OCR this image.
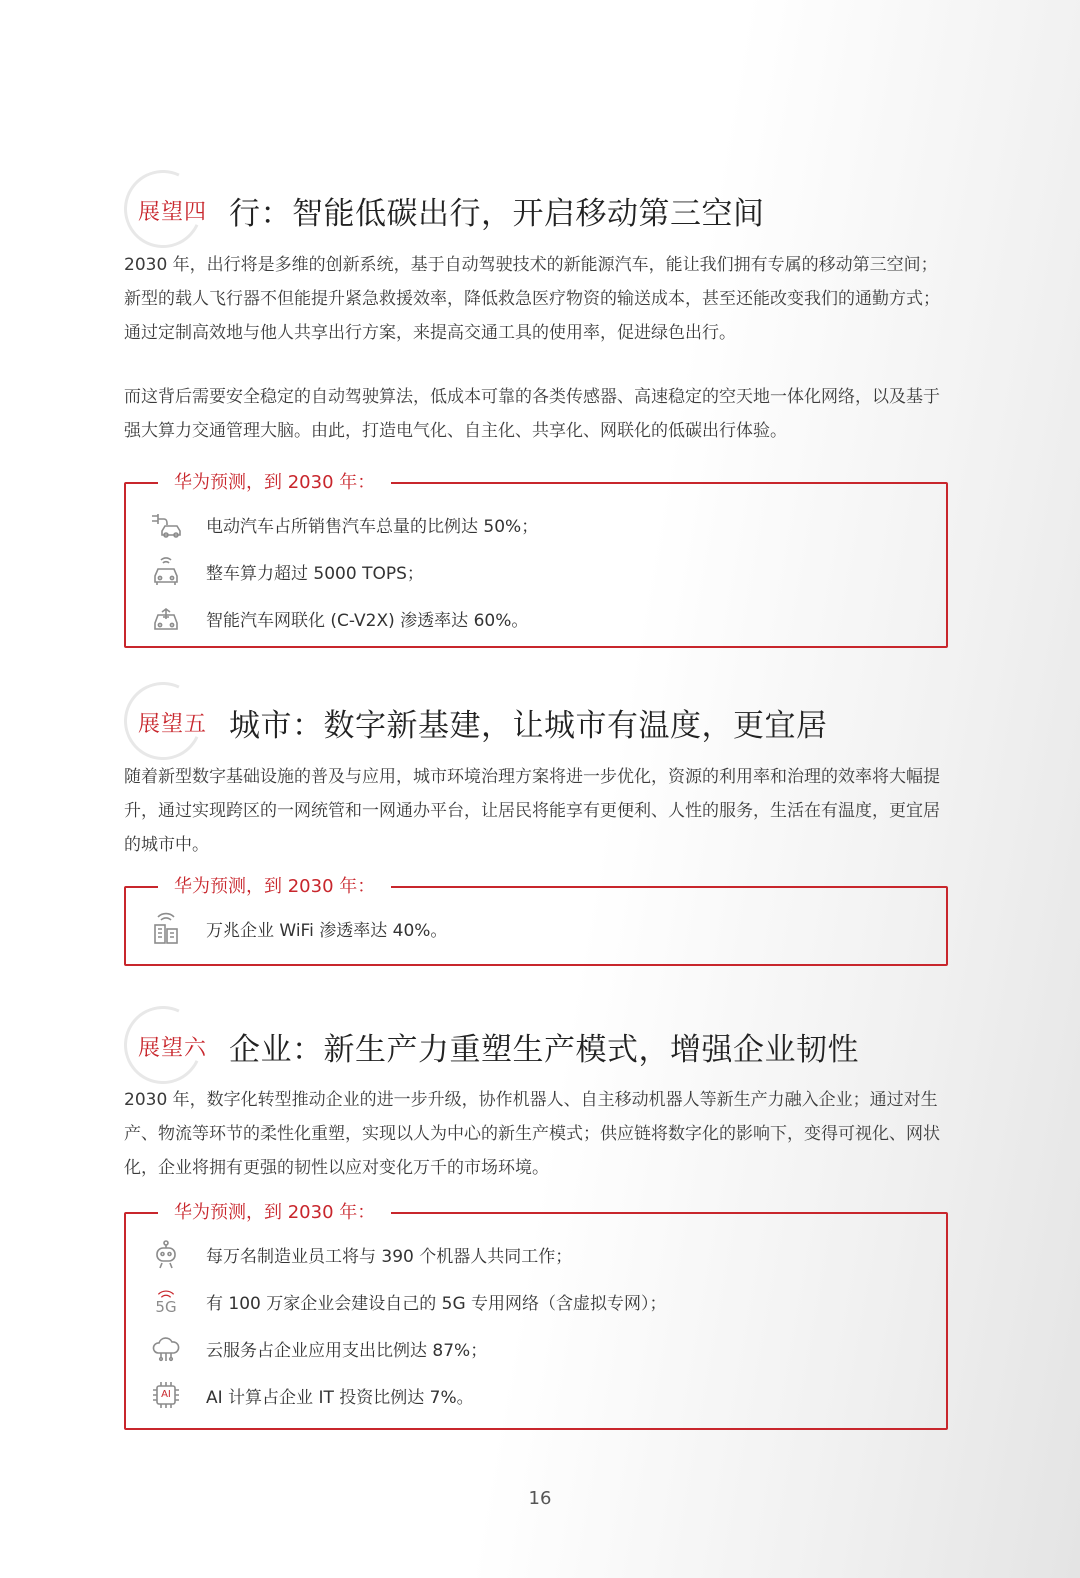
展望四 行：智能低碳出行，开启移动第三空间

2030 年，出行将是多维的创新系统，基于自动驾驶技术的新能源汽车，能让我们拥有专属的移动第三空间；新型的载人飞行器不但能提升紧急救援效率，降低救急医疗物资的输送成本，甚至还能改变我们的通勤方式；通过定制高效地与他人共享出行方案，来提高交通工具的使用率，促进绿色出行。

而这背后需要安全稳定的自动驾驶算法，低成本可靠的各类传感器、高速稳定的空天地一体化网络，以及基于强大算力交通管理大脑。由此，打造电气化、自主化、共享化、网联化的低碳出行体验。

华为预测，到 2030 年：
电动汽车占所销售汽车总量的比例达 50%；
整车算力超过 5000 TOPS；
智能汽车网联化 (C-V2X) 渗透率达 60%。
展望五 城市：数字新基建，让城市有温度，更宜居

随着新型数字基础设施的普及与应用，城市环境治理方案将进一步优化，资源的利用率和治理的效率将大幅提升，通过实现跨区的一网统管和一网通办平台，让居民将能享有更便利、人性的服务，生活在有温度，更宜居的城市中。

华为预测，到 2030 年：
万兆企业 WiFi 渗透率达 40%。
展望六 企业：新生产力重塑生产模式，增强企业韧性

2030 年，数字化转型推动企业的进一步升级，协作机器人、自主移动机器人等新生产力融入企业；通过对生产、物流等环节的柔性化重塑，实现以人为中心的新生产模式；供应链将数字化的影响下，变得可视化、网状化，企业将拥有更强的韧性以应对变化万千的市场环境。

华为预测，到 2030 年：
每万名制造业员工将与 390 个机器人共同工作；
5G 有 100 万家企业会建设自己的 5G 专用网络（含虚拟专网）；
云服务占企业应用支出比例达 87%；
AI	AI 计算占企业 IT 投资比例达 7%。
16
